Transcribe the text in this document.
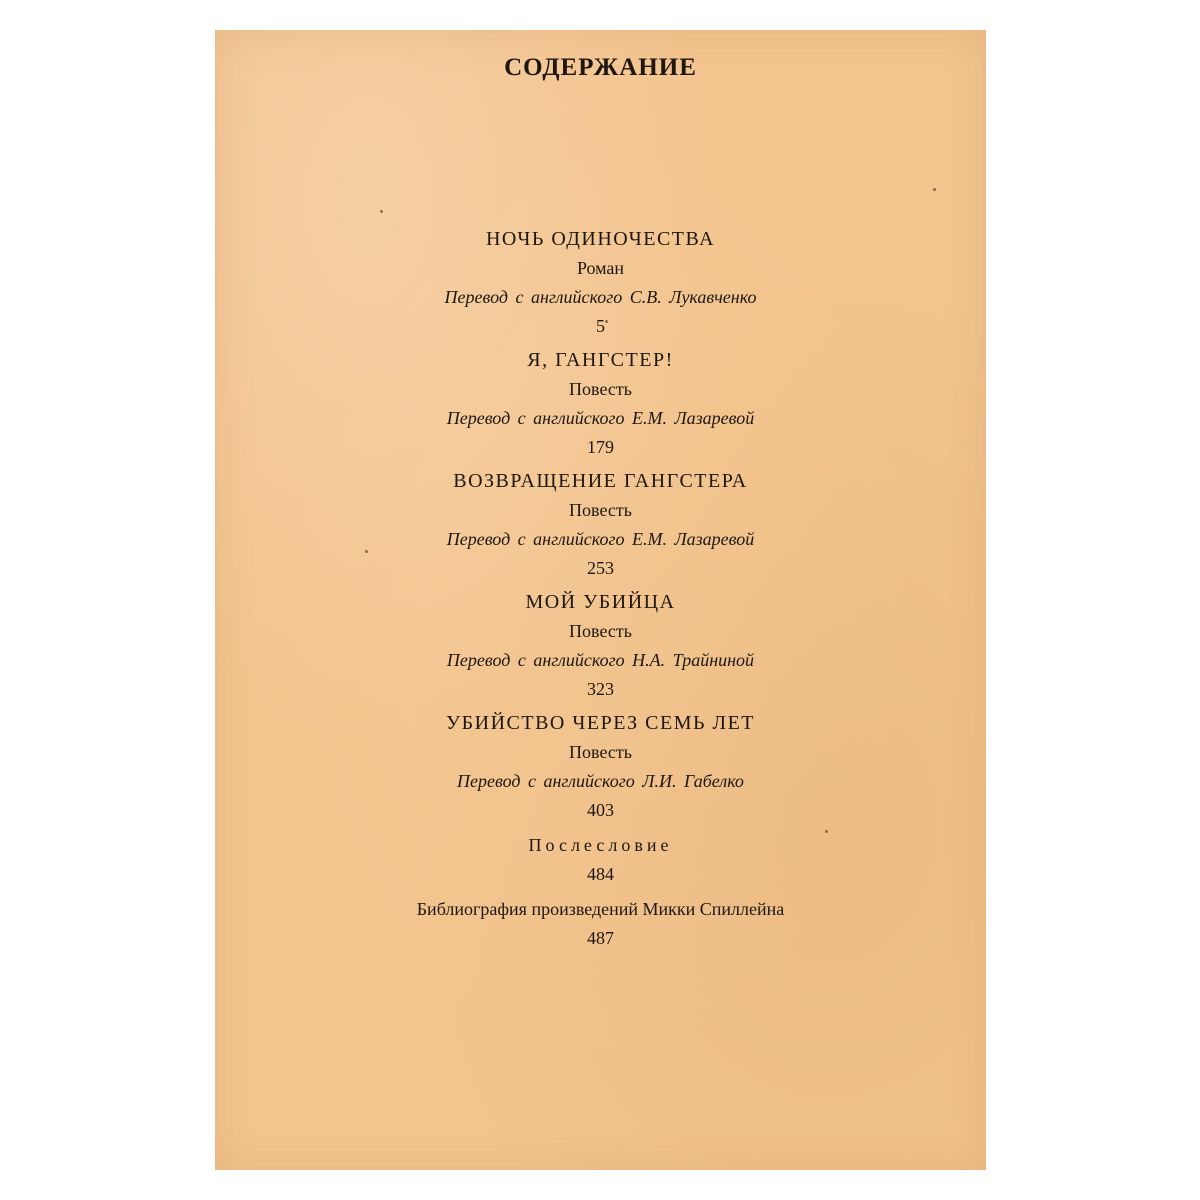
СОДЕРЖАНИЕ
НОЧЬ ОДИНОЧЕСТВА
Роман
Перевод с английского С.В. Лукавченко
5
Я, ГАНГСТЕР!
Повесть
Перевод с английского Е.М. Лазаревой
179
ВОЗВРАЩЕНИЕ ГАНГСТЕРА
Повесть
Перевод с английского Е.М. Лазаревой
253
МОЙ УБИЙЦА
Повесть
Перевод с английского Н.А. Трайниной
323
УБИЙСТВО ЧЕРЕЗ СЕМЬ ЛЕТ
Повесть
Перевод с английского Л.И. Габелко
403
Послесловие
484
Библиография произведений Микки Спиллейна
487
